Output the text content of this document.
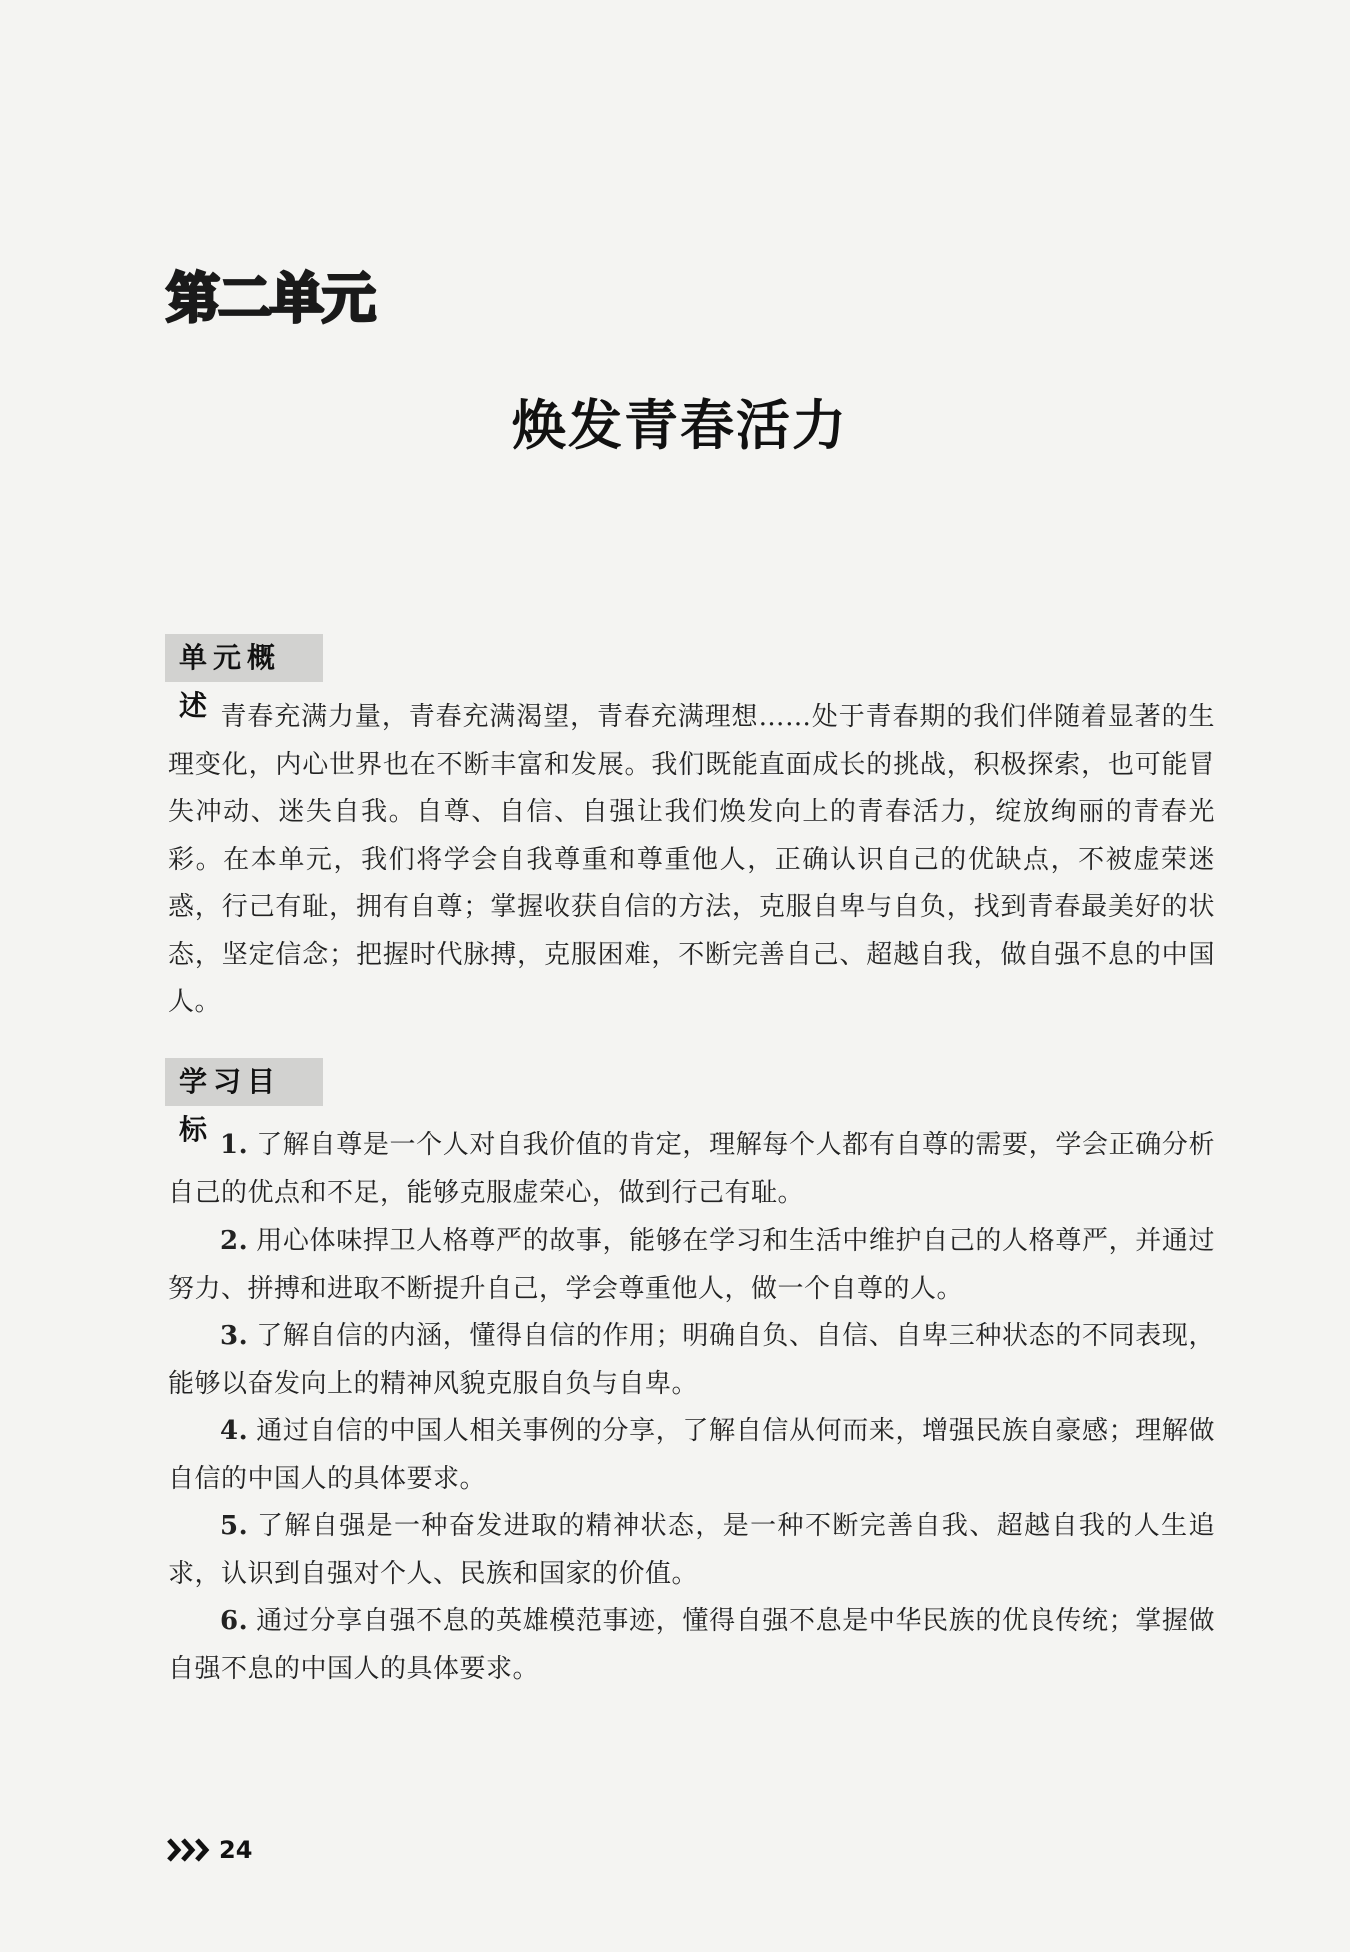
第二单元
焕发青春活力
单元概述 青春充满力量，青春充满渴望，青春充满理想……处于青春期的我们伴随着显著的生理变化，内心世界也在不断丰富和发展。我们既能直面成长的挑战，积极探索，也可能冒失冲动、迷失自我。自尊、自信、自强让我们焕发向上的青春活力，绽放绚丽的青春光彩。在本单元，我们将学会自我尊重和尊重他人，正确认识自己的优缺点，不被虚荣迷惑，行己有耻，拥有自尊；掌握收获自信的方法，克服自卑与自负，找到青春最美好的状态，坚定信念；把握时代脉搏，克服困难，不断完善自己、超越自我，做自强不息的中国人。
学习目标 1. 了解自尊是一个人对自我价值的肯定，理解每个人都有自尊的需要，学会正确分析自己的优点和不足，能够克服虚荣心，做到行己有耻。
2. 用心体味捍卫人格尊严的故事，能够在学习和生活中维护自己的人格尊严，并通过努力、拼搏和进取不断提升自己，学会尊重他人，做一个自尊的人。
3. 了解自信的内涵，懂得自信的作用；明确自负、自信、自卑三种状态的不同表现，能够以奋发向上的精神风貌克服自负与自卑。
4. 通过自信的中国人相关事例的分享，了解自信从何而来，增强民族自豪感；理解做自信的中国人的具体要求。
5. 了解自强是一种奋发进取的精神状态，是一种不断完善自我、超越自我的人生追求，认识到自强对个人、民族和国家的价值。
6. 通过分享自强不息的英雄模范事迹，懂得自强不息是中华民族的优良传统；掌握做自强不息的中国人的具体要求。
24
